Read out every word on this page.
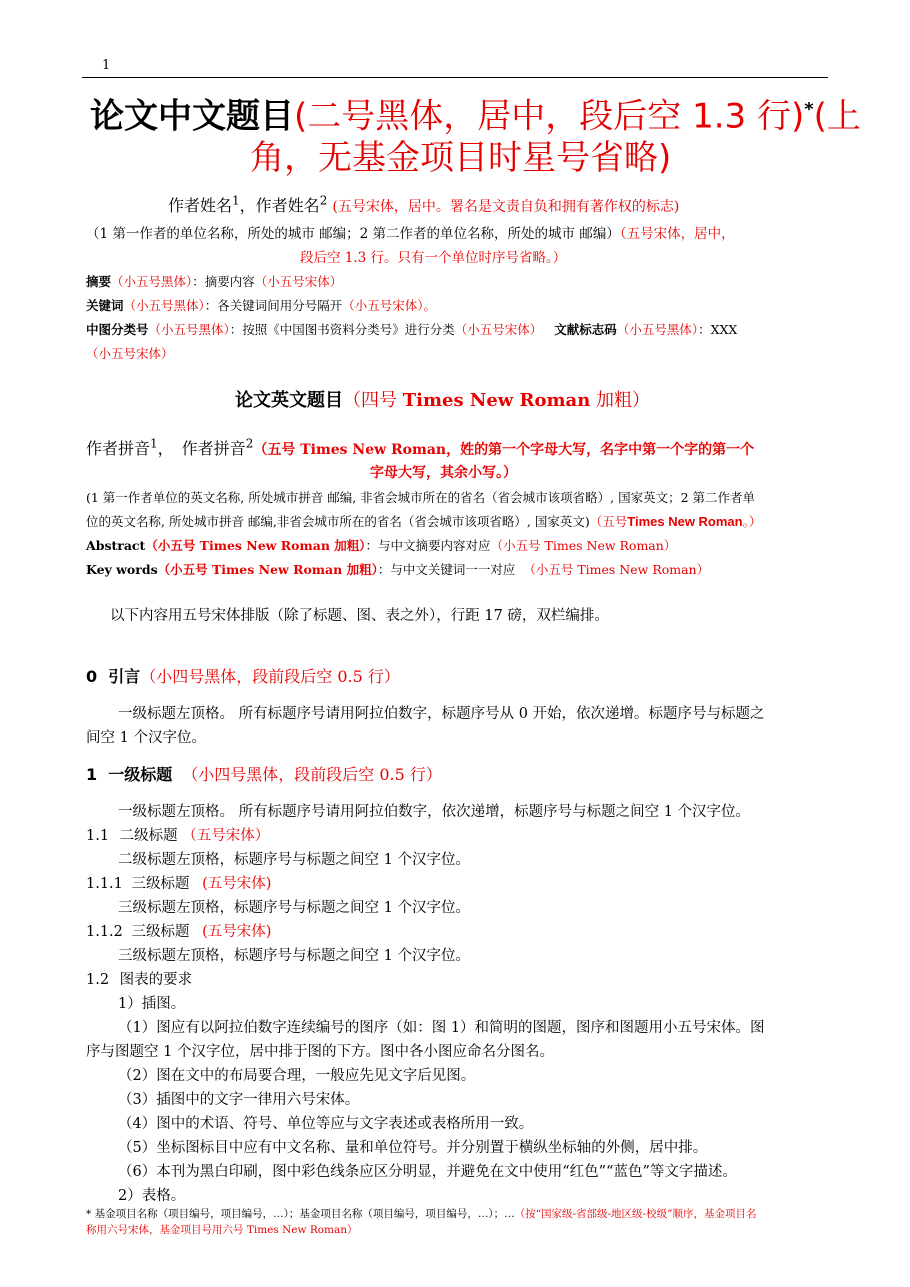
1
论文中文题目(二号黑体，居中，段后空 1.3 行)*(上
角，无基金项目时星号省略)
作者姓名$^1$，作者姓名$^2$ (五号宋体，居中。署名是文责自负和拥有著作权的标志)
（1 第一作者的单位名称，所处的城市 邮编；2 第二作者的单位名称，所处的城市 邮编）（五号宋体，居中，
段后空 1.3 行。只有一个单位时序号省略。）
摘要（小五号黑体）：摘要内容（小五号宋体）
关键词（小五号黑体）：各关键词间用分号隔开（小五号宋体）。
中图分类号（小五号黑体）：按照《中国图书资料分类号》进行分类（小五号宋体） 文献标志码（小五号黑体）：XXX
（小五号宋体）
论文英文题目（四号 Times New Roman 加粗）
作者拼音$^1$， 作者拼音$^2$（五号 Times New Roman，姓的第一个字母大写，名字中第一个字的第一个
字母大写，其余小写。）
(1 第一作者单位的英文名称, 所处城市拼音 邮编, 非省会城市所在的省名（省会城市该项省略）, 国家英文；2 第二作者单
位的英文名称, 所处城市拼音 邮编,非省会城市所在的省名（省会城市该项省略）, 国家英文)（五号Times New Roman。）
Abstract（小五号 Times New Roman 加粗）：与中文摘要内容对应（小五号 Times New Roman）
Key words（小五号 Times New Roman 加粗）：与中文关键词一一对应 （小五号 Times New Roman）
以下内容用五号宋体排版（除了标题、图、表之外），行距 17 磅，双栏编排。
0 引言（小四号黑体，段前段后空 0.5 行）
一级标题左顶格。 所有标题序号请用阿拉伯数字，标题序号从 0 开始，依次递增。标题序号与标题之
间空 1 个汉字位。
1 一级标题 （小四号黑体，段前段后空 0.5 行）
一级标题左顶格。 所有标题序号请用阿拉伯数字，依次递增，标题序号与标题之间空 1 个汉字位。
1.1 二级标题 （五号宋体）
二级标题左顶格，标题序号与标题之间空 1 个汉字位。
1.1.1 三级标题 (五号宋体)
三级标题左顶格，标题序号与标题之间空 1 个汉字位。
1.1.2 三级标题 (五号宋体)
三级标题左顶格，标题序号与标题之间空 1 个汉字位。
1.2 图表的要求
1）插图。
（1）图应有以阿拉伯数字连续编号的图序（如：图 1）和简明的图题，图序和图题用小五号宋体。图
序与图题空 1 个汉字位，居中排于图的下方。图中各小图应命名分图名。
（2）图在文中的布局要合理，一般应先见文字后见图。
（3）插图中的文字一律用六号宋体。
（4）图中的术语、符号、单位等应与文字表述或表格所用一致。
（5）坐标图标目中应有中文名称、量和单位符号。并分别置于横纵坐标轴的外侧，居中排。
（6）本刊为黑白印刷，图中彩色线条应区分明显，并避免在文中使用“红色”“蓝色”等文字描述。
2）表格。
* 基金项目名称（项目编号，项目编号，…）；基金项目名称（项目编号，项目编号，…）；…（按“国家级-省部级-地区级-校级”顺序，基金项目名
称用六号宋体，基金项目号用六号 Times New Roman）
